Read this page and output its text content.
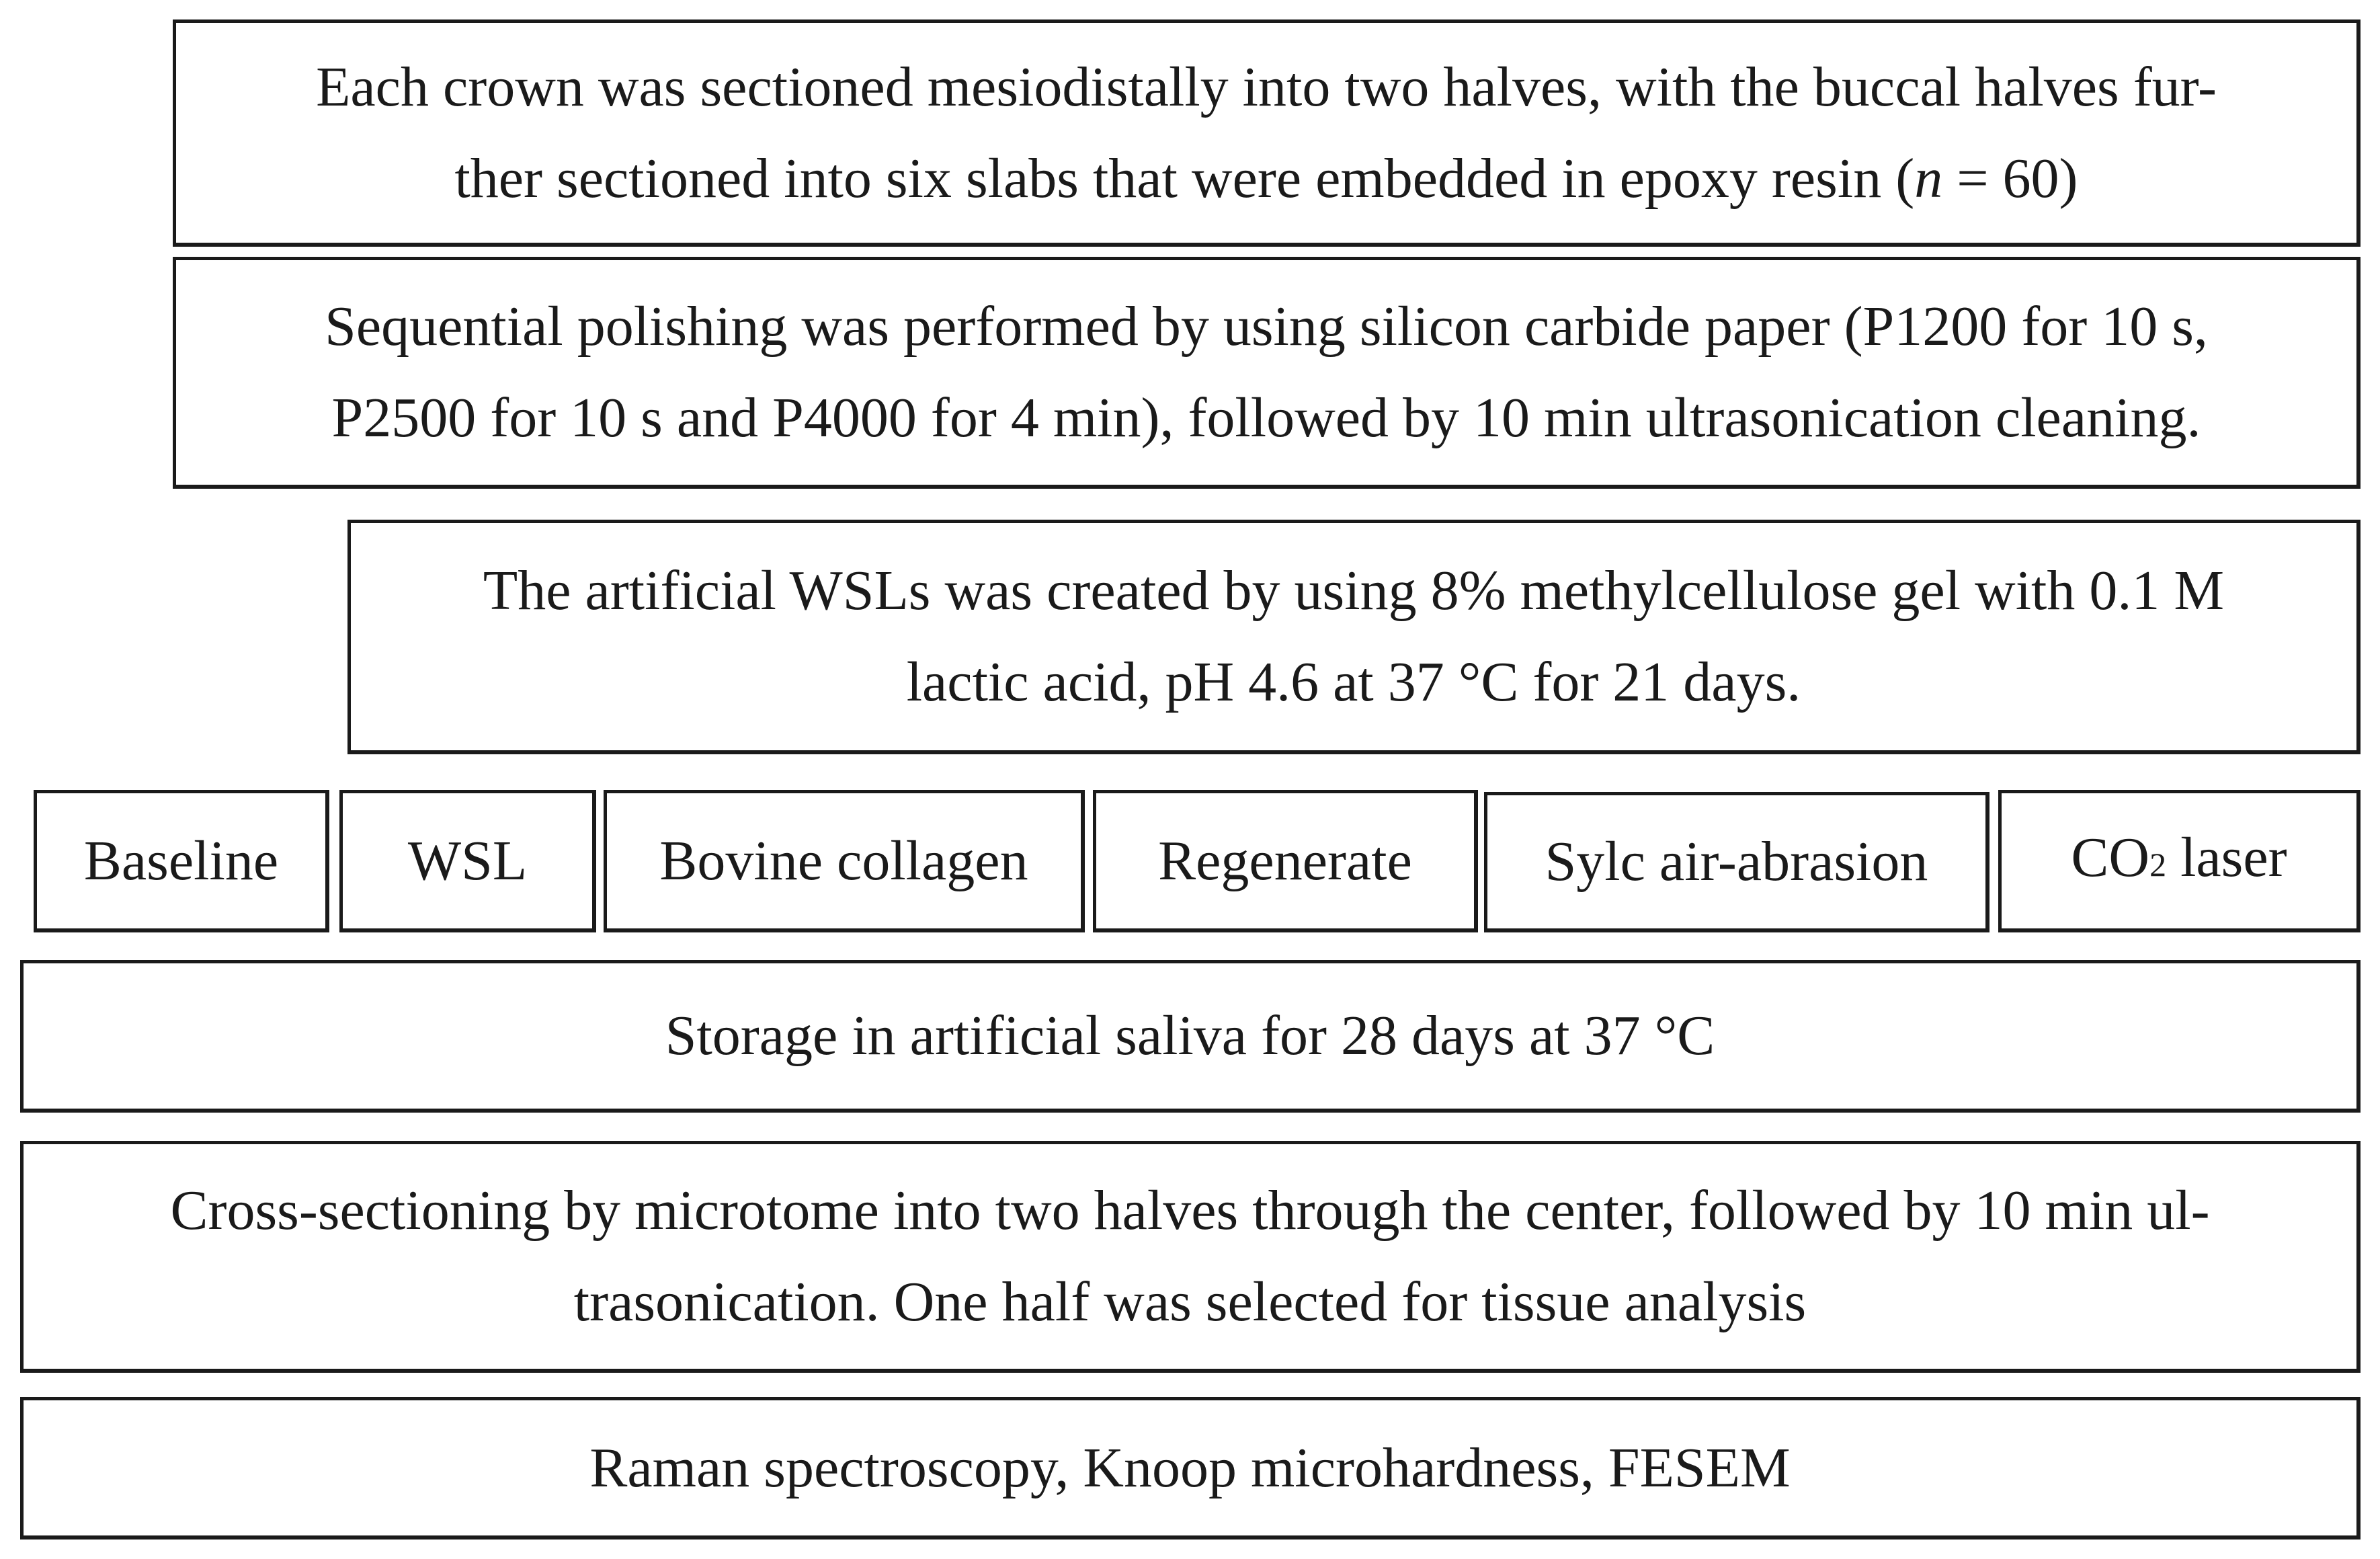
Each crown was sectioned mesiodistally into two halves, with the buccal halves fur-
ther sectioned into six slabs that were embedded in epoxy resin (n = 60)
Sequential polishing was performed by using silicon carbide paper (P1200 for 10 s,
P2500 for 10 s and P4000 for 4 min), followed by 10 min ultrasonication cleaning.
The artificial WSLs was created by using 8% methylcellulose gel with 0.1 M
lactic acid, pH 4.6 at 37 °C for 21 days.
Baseline WSL Bovine collagen Regenerate Sylc air-abrasion	CO2 laser
Storage in artificial saliva for 28 days at 37 °C
Cross-sectioning by microtome into two halves through the center, followed by 10 min ul-
trasonication. One half was selected for tissue analysis
Raman spectroscopy, Knoop microhardness, FESEM
